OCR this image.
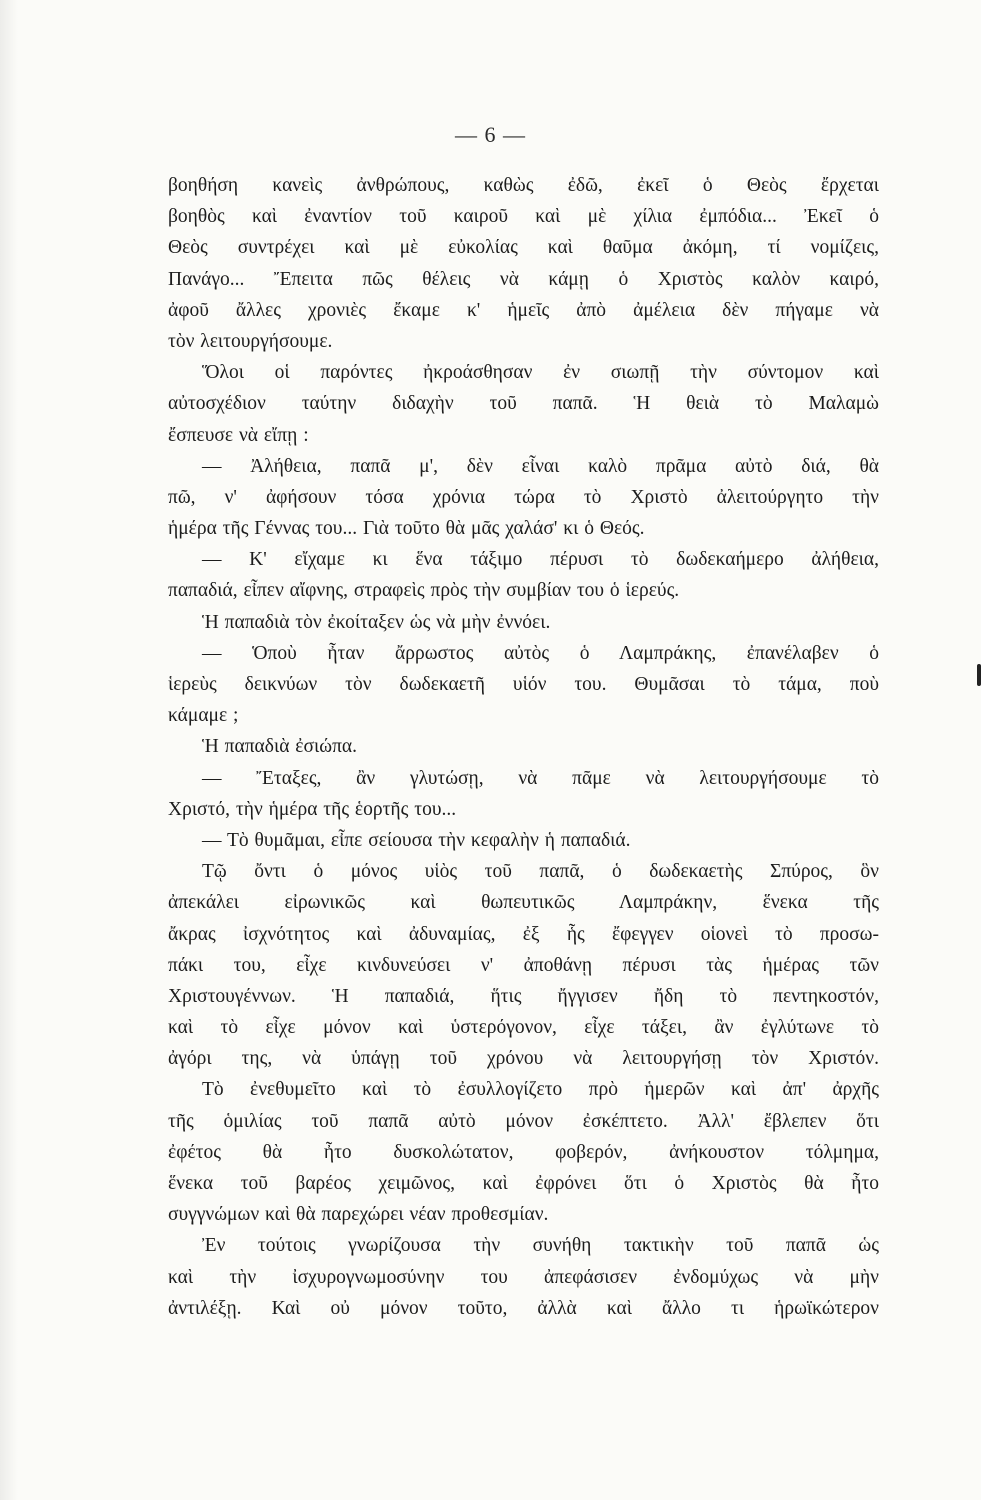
— 6 —
βοηθήση κανεὶς ἀνθρώπους, καθὼς ἐδῶ, ἐκεῖ ὁ Θεὸς ἔρχεται
βοηθὸς καὶ ἐναντίον τοῦ καιροῦ καὶ μὲ χίλια ἐμπόδια... Ἐκεῖ ὁ
Θεὸς συντρέχει καὶ μὲ εὐκολίας καὶ θαῦμα ἀκόμη, τί νομίζεις,
Πανάγο... Ἔπειτα πῶς θέλεις νὰ κάμῃ ὁ Χριστὸς καλὸν καιρό,
ἀφοῦ ἄλλες χρονιὲς ἔκαμε κ' ἡμεῖς ἀπὸ ἀμέλεια δὲν πήγαμε νὰ
τὸν λειτουργήσουμε.
Ὅλοι οἱ παρόντες ἠκροάσθησαν ἐν σιωπῇ τὴν σύντομον καὶ
αὐτοσχέδιον ταύτην διδαχὴν τοῦ παπᾶ. Ἡ θειὰ τὸ Μαλαμὼ
ἔσπευσε νὰ εἴπῃ :
— Ἀλήθεια, παπᾶ μ', δὲν εἶναι καλὸ πρᾶμα αὐτὸ διά, θὰ
πῶ, ν' ἀφήσουν τόσα χρόνια τώρα τὸ Χριστὸ ἀλειτούργητο τὴν
ἡμέρα τῆς Γέννας του... Γιὰ τοῦτο θὰ μᾶς χαλάσ' κι ὁ Θεός.
— Κ' εἴχαμε κι ἕνα τάξιμο πέρυσι τὸ δωδεκαήμερο ἀλήθεια,
παπαδιά, εἶπεν αἴφνης, στραφεὶς πρὸς τὴν συμβίαν του ὁ ἱερεύς.
Ἡ παπαδιὰ τὸν ἐκοίταξεν ὡς νὰ μὴν ἐννόει.
— Ὁποὺ ἦταν ἄρρωστος αὐτὸς ὁ Λαμπράκης, ἐπανέλαβεν ὁ
ἱερεὺς δεικνύων τὸν δωδεκαετῆ υἱόν του. Θυμᾶσαι τὸ τάμα, ποὺ
κάμαμε ;
Ἡ παπαδιὰ ἐσιώπα.
— Ἔταξες, ἂν γλυτώσῃ, νὰ πᾶμε νὰ λειτουργήσουμε τὸ
Χριστό, τὴν ἡμέρα τῆς ἑορτῆς του...
— Τὸ θυμᾶμαι, εἶπε σείουσα τὴν κεφαλὴν ἡ παπαδιά.
Τῷ ὄντι ὁ μόνος υἱὸς τοῦ παπᾶ, ὁ δωδεκαετὴς Σπύρος, ὃν
ἀπεκάλει εἰρωνικῶς καὶ θωπευτικῶς Λαμπράκην, ἕνεκα τῆς
ἄκρας ἰσχνότητος καὶ ἀδυναμίας, ἐξ ἧς ἔφεγγεν οἱονεὶ τὸ προσω-
πάκι του, εἶχε κινδυνεύσει ν' ἀποθάνῃ πέρυσι τὰς ἡμέρας τῶν
Χριστουγέννων. Ἡ παπαδιά, ἥτις ἤγγισεν ἤδη τὸ πεντηκοστόν,
καὶ τὸ εἶχε μόνον καὶ ὑστερόγονον, εἶχε τάξει, ἂν ἐγλύτωνε τὸ
ἀγόρι της, νὰ ὑπάγῃ τοῦ χρόνου νὰ λειτουργήσῃ τὸν Χριστόν.
Τὸ ἐνεθυμεῖτο καὶ τὸ ἐσυλλογίζετο πρὸ ἡμερῶν καὶ ἀπ' ἀρχῆς
τῆς ὁμιλίας τοῦ παπᾶ αὐτὸ μόνον ἐσκέπτετο. Ἀλλ' ἔβλεπεν ὅτι
ἐφέτος θὰ ἦτο δυσκολώτατον, φοβερόν, ἀνήκουστον τόλμημα,
ἕνεκα τοῦ βαρέος χειμῶνος, καὶ ἐφρόνει ὅτι ὁ Χριστὸς θὰ ἦτο
συγγνώμων καὶ θὰ παρεχώρει νέαν προθεσμίαν.
Ἐν τούτοις γνωρίζουσα τὴν συνήθη τακτικὴν τοῦ παπᾶ ὡς
καὶ τὴν ἰσχυρογνωμοσύνην του ἀπεφάσισεν ἐνδομύχως νὰ μὴν
ἀντιλέξῃ. Καὶ οὐ μόνον τοῦτο, ἀλλὰ καὶ ἄλλο τι ἡρωϊκώτερον
